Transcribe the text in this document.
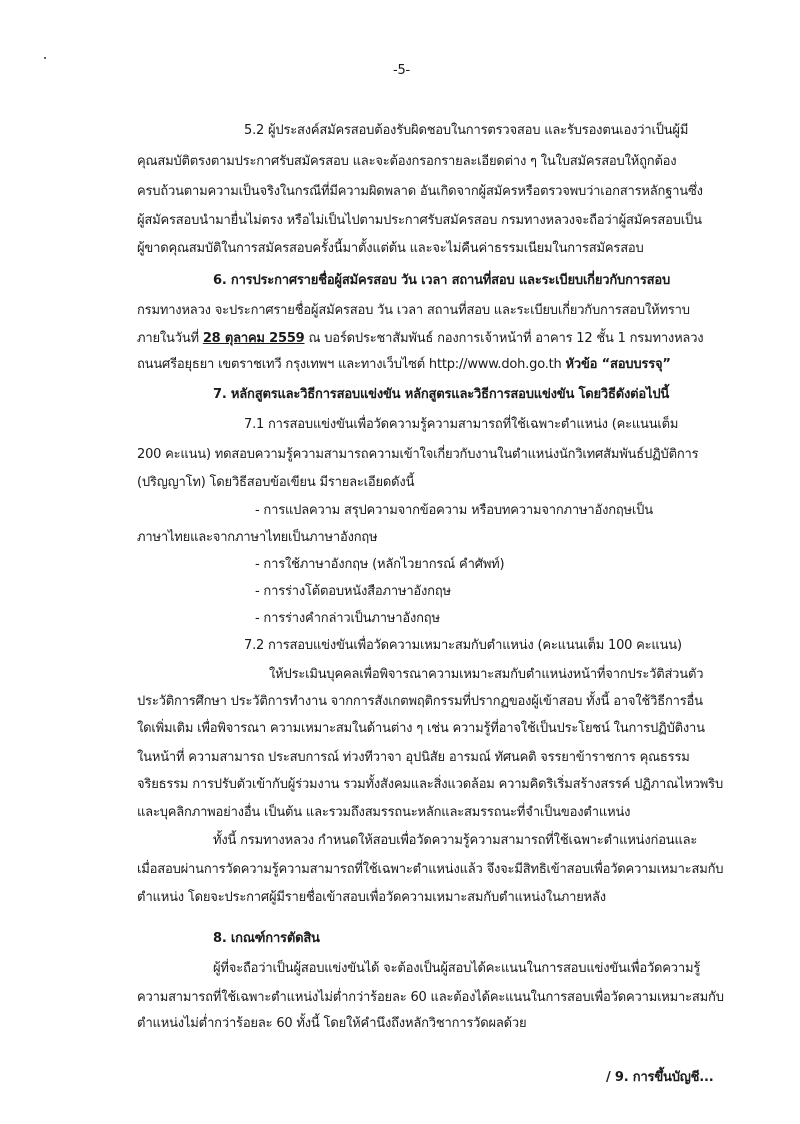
-5-
5.2 ผู้ประสงค์สมัครสอบต้องรับผิดชอบในการตรวจสอบ และรับรองตนเองว่าเป็นผู้มี
คุณสมบัติตรงตามประกาศรับสมัครสอบ และจะต้องกรอกรายละเอียดต่าง ๆ ในใบสมัครสอบให้ถูกต้อง
ครบถ้วนตามความเป็นจริงในกรณีที่มีความผิดพลาด อันเกิดจากผู้สมัครหรือตรวจพบว่าเอกสารหลักฐานซึ่ง
ผู้สมัครสอบนำมายื่นไม่ตรง หรือไม่เป็นไปตามประกาศรับสมัครสอบ กรมทางหลวงจะถือว่าผู้สมัครสอบเป็น
ผู้ขาดคุณสมบัติในการสมัครสอบครั้งนี้มาตั้งแต่ต้น และจะไม่คืนค่าธรรมเนียมในการสมัครสอบ
6. การประกาศรายชื่อผู้สมัครสอบ วัน เวลา สถานที่สอบ และระเบียบเกี่ยวกับการสอบ
กรมทางหลวง จะประกาศรายชื่อผู้สมัครสอบ วัน เวลา สถานที่สอบ และระเบียบเกี่ยวกับการสอบให้ทราบ
ภายในวันที่ 28 ตุลาคม 2559 ณ บอร์ดประชาสัมพันธ์ กองการเจ้าหน้าที่ อาคาร 12 ชั้น 1 กรมทางหลวง
ถนนศรีอยุธยา เขตราชเทวี กรุงเทพฯ และทางเว็บไซต์ http://www.doh.go.th หัวข้อ “สอบบรรจุ”
7. หลักสูตรและวิธีการสอบแข่งขัน หลักสูตรและวิธีการสอบแข่งขัน โดยวิธีดังต่อไปนี้
7.1 การสอบแข่งขันเพื่อวัดความรู้ความสามารถที่ใช้เฉพาะตำแหน่ง (คะแนนเต็ม
200 คะแนน) ทดสอบความรู้ความสามารถความเข้าใจเกี่ยวกับงานในตำแหน่งนักวิเทศสัมพันธ์ปฏิบัติการ
(ปริญญาโท) โดยวิธีสอบข้อเขียน มีรายละเอียดดังนี้
- การแปลความ สรุปความจากข้อความ หรือบทความจากภาษาอังกฤษเป็น
ภาษาไทยและจากภาษาไทยเป็นภาษาอังกฤษ
- การใช้ภาษาอังกฤษ (หลักไวยากรณ์ คำศัพท์)
- การร่างโต้ตอบหนังสือภาษาอังกฤษ
- การร่างคำกล่าวเป็นภาษาอังกฤษ
7.2 การสอบแข่งขันเพื่อวัดความเหมาะสมกับตำแหน่ง (คะแนนเต็ม 100 คะแนน)
ให้ประเมินบุคคลเพื่อพิจารณาความเหมาะสมกับตำแหน่งหน้าที่จากประวัติส่วนตัว
ประวัติการศึกษา ประวัติการทำงาน จากการสังเกตพฤติกรรมที่ปรากฏของผู้เข้าสอบ ทั้งนี้ อาจใช้วิธีการอื่น
ใดเพิ่มเติม เพื่อพิจารณา ความเหมาะสมในด้านต่าง ๆ เช่น ความรู้ที่อาจใช้เป็นประโยชน์ ในการปฏิบัติงาน
ในหน้าที่ ความสามารถ ประสบการณ์ ท่วงทีวาจา อุปนิสัย อารมณ์ ทัศนคติ จรรยาข้าราชการ คุณธรรม
จริยธรรม การปรับตัวเข้ากับผู้ร่วมงาน รวมทั้งสังคมและสิ่งแวดล้อม ความคิดริเริ่มสร้างสรรค์ ปฏิภาณไหวพริบ
และบุคลิกภาพอย่างอื่น เป็นต้น และรวมถึงสมรรถนะหลักและสมรรถนะที่จำเป็นของตำแหน่ง
ทั้งนี้ กรมทางหลวง กำหนดให้สอบเพื่อวัดความรู้ความสามารถที่ใช้เฉพาะตำแหน่งก่อนและ
เมื่อสอบผ่านการวัดความรู้ความสามารถที่ใช้เฉพาะตำแหน่งแล้ว จึงจะมีสิทธิเข้าสอบเพื่อวัดความเหมาะสมกับ
ตำแหน่ง โดยจะประกาศผู้มีรายชื่อเข้าสอบเพื่อวัดความเหมาะสมกับตำแหน่งในภายหลัง
8. เกณฑ์การตัดสิน
ผู้ที่จะถือว่าเป็นผู้สอบแข่งขันได้ จะต้องเป็นผู้สอบได้คะแนนในการสอบแข่งขันเพื่อวัดความรู้
ความสามารถที่ใช้เฉพาะตำแหน่งไม่ต่ำกว่าร้อยละ 60 และต้องได้คะแนนในการสอบเพื่อวัดความเหมาะสมกับ
ตำแหน่งไม่ต่ำกว่าร้อยละ 60 ทั้งนี้ โดยให้คำนึงถึงหลักวิชาการวัดผลด้วย
/ 9. การขึ้นบัญชี...
